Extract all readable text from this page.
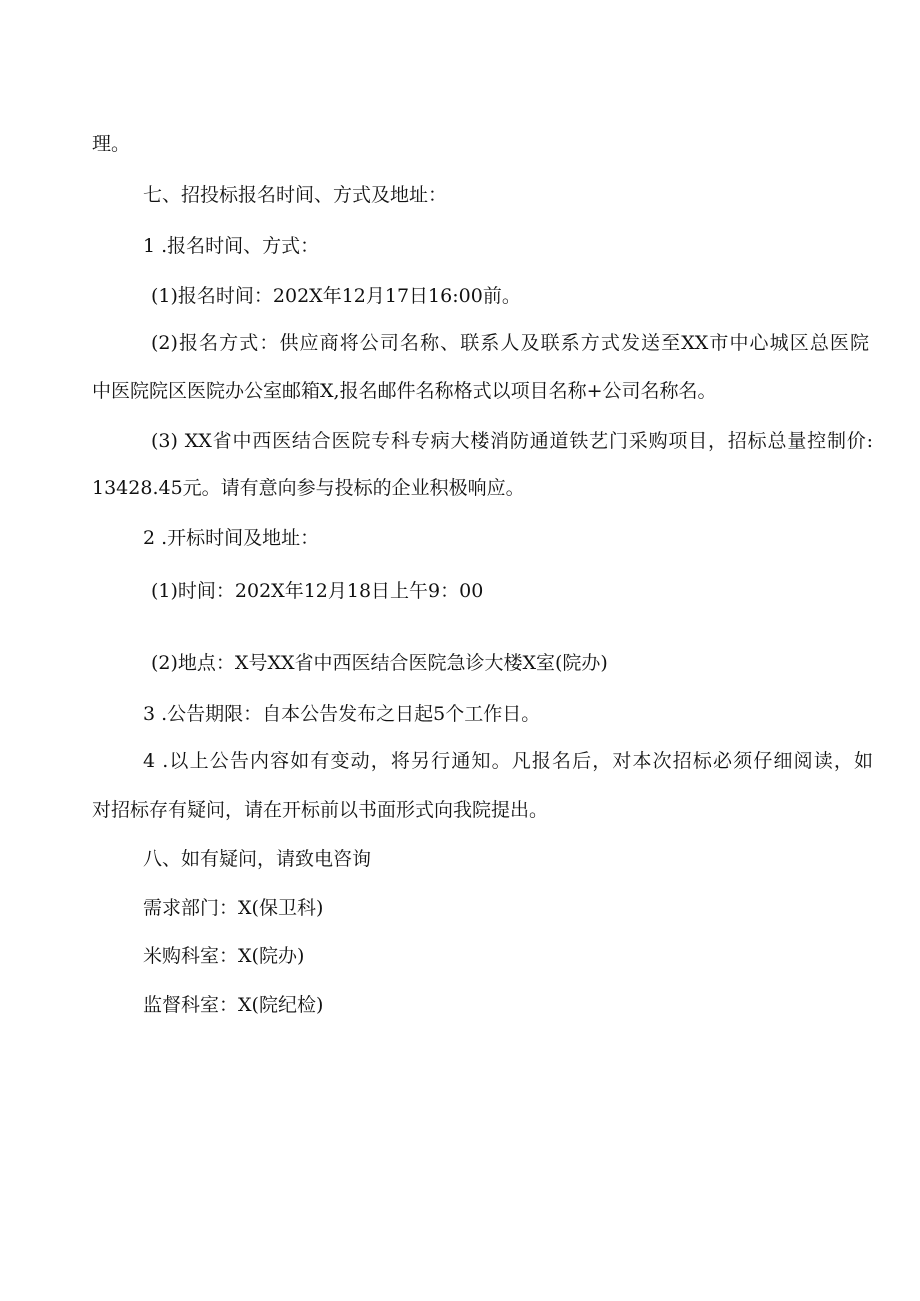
理。
七、招投标报名时间、方式及地址：
1 .报名时间、方式：
(1)报名时间：202X年12月17日16:00前。
(2)报名方式：供应商将公司名称、联系人及联系方式发送至XX市中心城区总医院
中医院院区医院办公室邮箱X,报名邮件名称格式以项目名称+公司名称名。
(3) XX省中西医结合医院专科专病大楼消防通道铁艺门采购项目，招标总量控制价:
13428.45元。请有意向参与投标的企业积极响应。
2 .开标时间及地址：
(1)时间：202X年12月18日上午9：00
(2)地点：X号XX省中西医结合医院急诊大楼X室(院办)
3 .公告期限：自本公告发布之日起5个工作日。
4 .以上公告内容如有变动，将另行通知。凡报名后，对本次招标必须仔细阅读，如
对招标存有疑问，请在开标前以书面形式向我院提出。
八、如有疑问，请致电咨询
需求部门：X(保卫科)
米购科室：X(院办)
监督科室：X(院纪检)
